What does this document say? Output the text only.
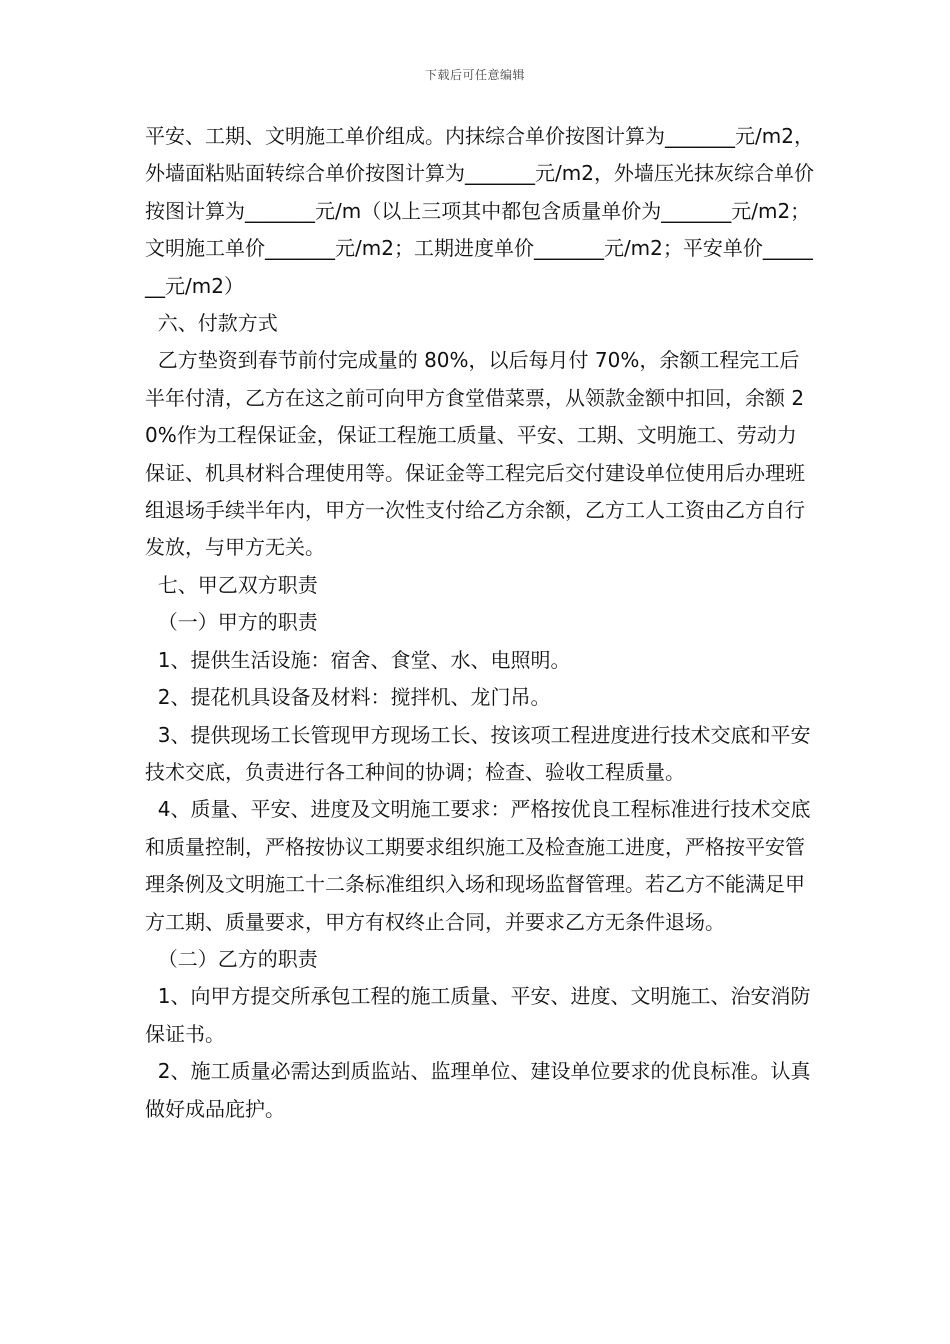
下载后可任意编辑

平安、工期、文明施工单价组成。内抹综合单价按图计算为_______元/m2，外墙面粘贴面转综合单价按图计算为_______元/m2，外墙压光抹灰综合单价按图计算为_______元/m（以上三项其中都包含质量单价为_______元/m2；文明施工单价_______元/m2；工期进度单价_______元/m2；平安单价_______元/m2）

六、付款方式

乙方垫资到春节前付完成量的 80%，以后每月付 70%，余额工程完工后半年付清，乙方在这之前可向甲方食堂借菜票，从领款金额中扣回，余额 20%作为工程保证金，保证工程施工质量、平安、工期、文明施工、劳动力保证、机具材料合理使用等。保证金等工程完后交付建设单位使用后办理班组退场手续半年内，甲方一次性支付给乙方余额，乙方工人工资由乙方自行发放，与甲方无关。

七、甲乙双方职责

（一）甲方的职责

1、提供生活设施：宿舍、食堂、水、电照明。

2、提花机具设备及材料：搅拌机、龙门吊。

3、提供现场工长管现甲方现场工长、按该项工程进度进行技术交底和平安技术交底，负责进行各工种间的协调；检查、验收工程质量。

4、质量、平安、进度及文明施工要求：严格按优良工程标准进行技术交底和质量控制，严格按协议工期要求组织施工及检查施工进度，严格按平安管理条例及文明施工十二条标准组织入场和现场监督管理。若乙方不能满足甲方工期、质量要求，甲方有权终止合同，并要求乙方无条件退场。

（二）乙方的职责

1、向甲方提交所承包工程的施工质量、平安、进度、文明施工、治安消防保证书。

2、施工质量必需达到质监站、监理单位、建设单位要求的优良标准。认真做好成品庇护。
